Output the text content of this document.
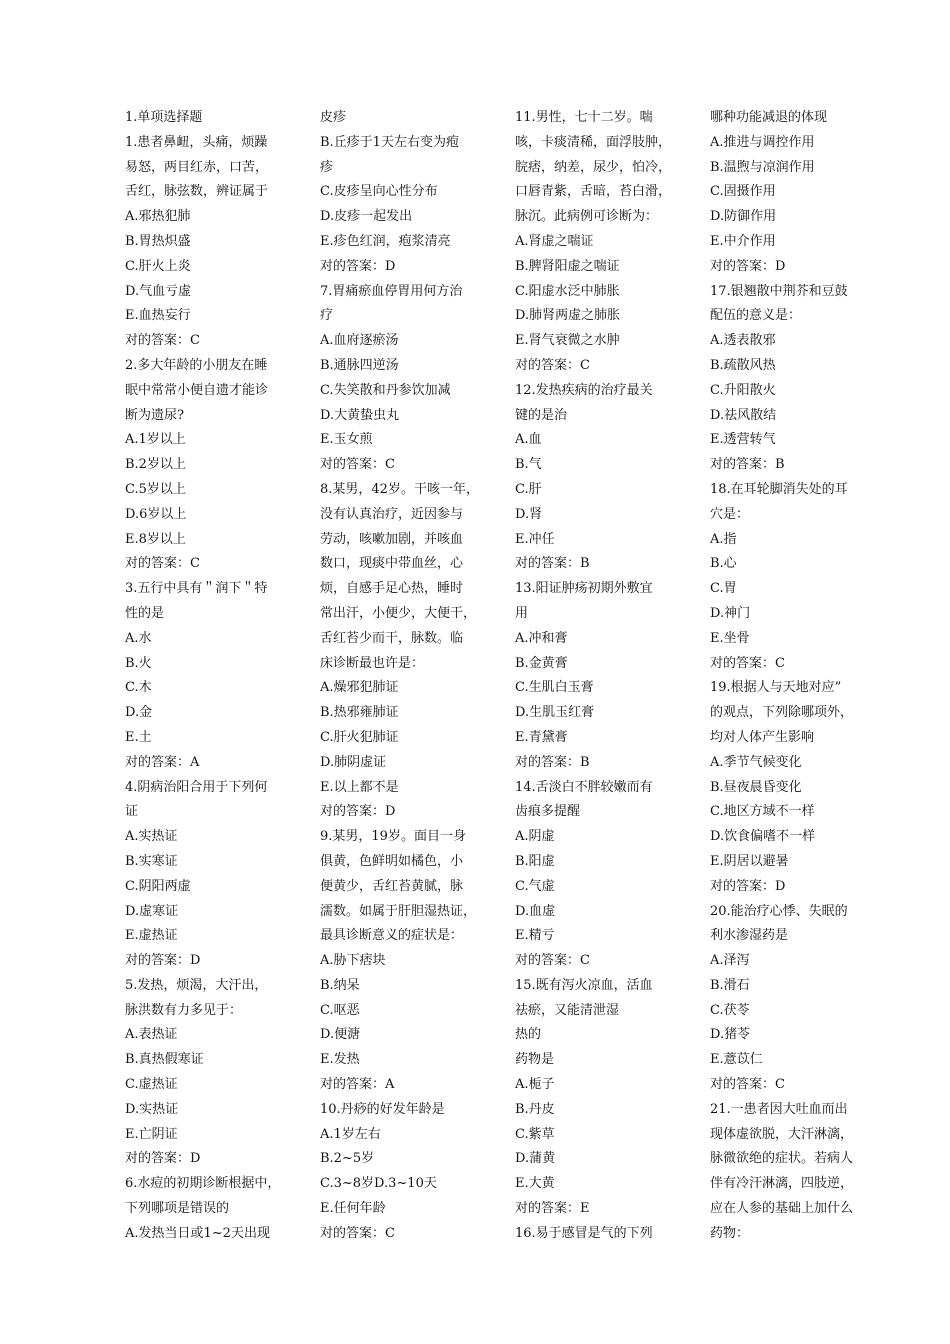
1.单项选择题
1.患者鼻衄，头痛，烦躁
易怒，两目红赤，口苦，
舌红，脉弦数，辨证属于
A.邪热犯肺
B.胃热炽盛
C.肝火上炎
D.气血亏虚
E.血热妄行
对的答案：C
2.多大年龄的小朋友在睡
眠中常常小便自遗才能诊
断为遗尿?
A.1岁以上
B.2岁以上
C.5岁以上
D.6岁以上
E.8岁以上
对的答案：C
3.五行中具有＂润下＂特
性的是
A.水
B.火
C.木
D.金
E.土
对的答案：A
4.阴病治阳合用于下列何
证
A.实热证
B.实寒证
C.阴阳两虚
D.虚寒证
E.虚热证
对的答案：D
5.发热，烦渴，大汗出，
脉洪数有力多见于：
A.表热证
B.真热假寒证
C.虚热证
D.实热证
E.亡阴证
对的答案：D
6.水痘的初期诊断根据中，
下列哪项是错误的
A.发热当日或1~2天出现
皮疹
B.丘疹于1天左右变为疱
疹
C.皮疹呈向心性分布
D.皮疹一起发出
E.疹色红润，疱浆清亮
对的答案：D
7.胃痛瘀血停胃用何方治
疗
A.血府逐瘀汤
B.通脉四逆汤
C.失笑散和丹参饮加减
D.大黄蛰虫丸
E.玉女煎
对的答案：C
8.某男，42岁。干咳一年，
没有认真治疗，近因参与
劳动，咳嗽加剧，并咳血
数口，现痰中带血丝，心
烦，自感手足心热，睡时
常出汗，小便少，大便干，
舌红苔少而干，脉数。临
床诊断最也许是：
A.燥邪犯肺证
B.热邪雍肺证
C.肝火犯肺证
D.肺阴虚证
E.以上都不是
对的答案：D
9.某男，19岁。面目一身
俱黄，色鲜明如橘色，小
便黄少，舌红苔黄腻，脉
濡数。如属于肝胆湿热证，
最具诊断意义的症状是：
A.胁下痞块
B.纳呆
C.呕恶
D.便溏
E.发热
对的答案：A
10.丹痧的好发年龄是
A.1岁左右
B.2~5岁
C.3~8岁D.3~10天
E.任何年龄
对的答案：C
11.男性，七十二岁。喘
咳，卡痰清稀，面浮肢肿，
脘痞，纳差，尿少，怕冷，
口唇青紫，舌暗，苔白滑，
脉沉。此病例可诊断为：
A.肾虚之喘证
B.脾肾阳虚之喘证
C.阳虚水泛中肺胀
D.肺肾两虚之肺胀
E.肾气衰微之水肿
对的答案：C
12.发热疾病的治疗最关
键的是治
A.血
B.气
C.肝
D.肾
E.冲任
对的答案：B
13.阳证肿疡初期外敷宜
用
A.冲和膏
B.金黄膏
C.生肌白玉膏
D.生肌玉红膏
E.青黛膏
对的答案：B
14.舌淡白不胖较嫩而有
齿痕多提醒
A.阴虚
B.阳虚
C.气虚
D.血虚
E.精亏
对的答案：C
15.既有泻火凉血，活血
祛瘀，又能清泄湿
热的
药物是
A.栀子
B.丹皮
C.紫草
D.蒲黄
E.大黄
对的答案：E
16.易于感冒是气的下列
哪种功能减退的体现
A.推进与调控作用
B.温煦与凉润作用
C.固摄作用
D.防御作用
E.中介作用
对的答案：D
17.银翘散中荆芥和豆鼓
配伍的意义是：
A.透表散邪
B.疏散风热
C.升阳散火
D.祛风散结
E.透营转气
对的答案：B
18.在耳轮脚消失处的耳
穴是：
A.指
B.心
C.胃
D.神门
E.坐骨
对的答案：C
19.根据人与天地对应”
的观点，下列除哪项外，
均对人体产生影响
A.季节气候变化
B.昼夜晨昏变化
C.地区方域不一样
D.饮食偏嗜不一样
E.阴居以避暑
对的答案：D
20.能治疗心悸、失眠的
利水渗湿药是
A.泽泻
B.滑石
C.茯苓
D.猪苓
E.薏苡仁
对的答案：C
21.一患者因大吐血而出
现体虚欲脱，大汗淋漓，
脉微欲绝的症状。若病人
伴有冷汗淋漓，四肢逆，
应在人参的基础上加什么
药物：
